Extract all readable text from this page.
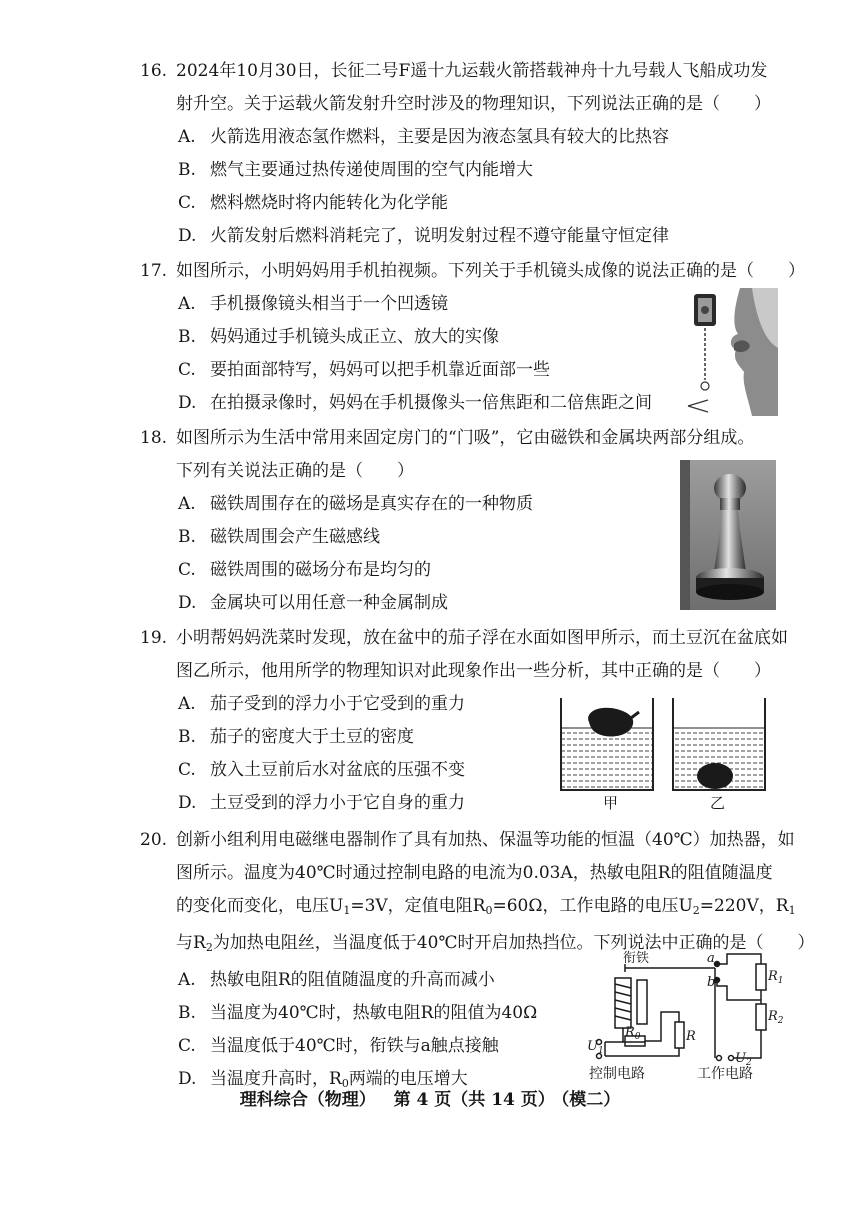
16. 2024年10月30日，长征二号F遥十九运载火箭搭载神舟十九号载人飞船成功发
射升空。关于运载火箭发射升空时涉及的物理知识，下列说法正确的是（　　）
A. 火箭选用液态氢作燃料，主要是因为液态氢具有较大的比热容
B. 燃气主要通过热传递使周围的空气内能增大
C. 燃料燃烧时将内能转化为化学能
D. 火箭发射后燃料消耗完了，说明发射过程不遵守能量守恒定律
17. 如图所示，小明妈妈用手机拍视频。下列关于手机镜头成像的说法正确的是（　　）
A. 手机摄像镜头相当于一个凹透镜
B. 妈妈通过手机镜头成正立、放大的实像
C. 要拍面部特写，妈妈可以把手机靠近面部一些
D. 在拍摄录像时，妈妈在手机摄像头一倍焦距和二倍焦距之间
18. 如图所示为生活中常用来固定房门的“门吸”，它由磁铁和金属块两部分组成。
下列有关说法正确的是（　　）
A. 磁铁周围存在的磁场是真实存在的一种物质
B. 磁铁周围会产生磁感线
C. 磁铁周围的磁场分布是均匀的
D. 金属块可以用任意一种金属制成
19. 小明帮妈妈洗菜时发现，放在盆中的茄子浮在水面如图甲所示，而土豆沉在盆底如
图乙所示，他用所学的物理知识对此现象作出一些分析，其中正确的是（　　）
A. 茄子受到的浮力小于它受到的重力
B. 茄子的密度大于土豆的密度
C. 放入土豆前后水对盆底的压强不变
D. 土豆受到的浮力小于它自身的重力	甲	乙
20. 创新小组利用电磁继电器制作了具有加热、保温等功能的恒温（40℃）加热器，如
图所示。温度为40℃时通过控制电路的电流为0.03A，热敏电阻R的阻值随温度
的变化而变化，电压$U_1=3V$，定值电阻$R_0=60\Omega$，工作电路的电压$U_2=220V$，$R_1$
与$R_2$为加热电阻丝，当温度低于40℃时开启加热挡位。下列说法中正确的是（　　）
A. 热敏电阻R的阻值随温度的升高而减小
B. 当温度为40℃时，热敏电阻R的阻值为40Ω
C. 当温度低于40℃时，衔铁与a触点接触
D. 当温度升高时，$R_0$两端的电压增大
$U_1$
$R_0$	R
a
b	$R_1$
$R_2$
$U_2$
衔铁
控制电路	工作电路
理科综合（物理） 第 4 页（共 14 页） （模二）
